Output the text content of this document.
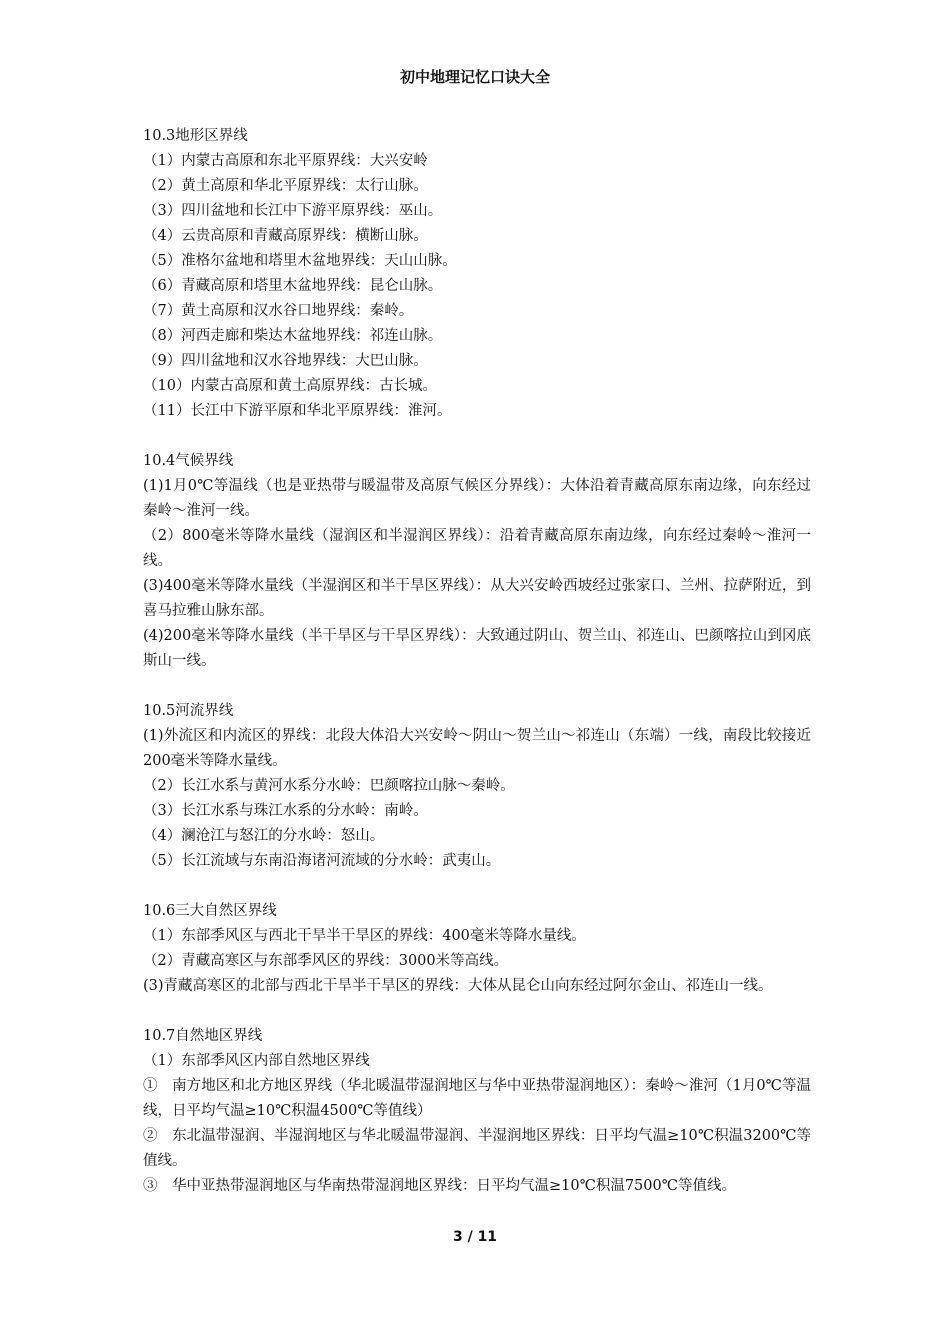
初中地理记忆口诀大全
10.3地形区界线
（1）内蒙古高原和东北平原界线：大兴安岭
（2）黄土高原和华北平原界线：太行山脉。
（3）四川盆地和长江中下游平原界线：巫山。
（4）云贵高原和青藏高原界线：横断山脉。
（5）准格尔盆地和塔里木盆地界线：天山山脉。
（6）青藏高原和塔里木盆地界线：昆仑山脉。
（7）黄土高原和汉水谷口地界线：秦岭。
（8）河西走廊和柴达木盆地界线：祁连山脉。
（9）四川盆地和汉水谷地界线：大巴山脉。
（10）内蒙古高原和黄土高原界线：古长城。
（11）长江中下游平原和华北平原界线：淮河。
10.4气候界线
(1)1月0℃等温线（也是亚热带与暖温带及高原气候区分界线）：大体沿着青藏高原东南边缘，向东经过秦岭～淮河一线。
（2）800毫米等降水量线（湿润区和半湿润区界线）：沿着青藏高原东南边缘，向东经过秦岭～淮河一线。
(3)400毫米等降水量线（半湿润区和半干旱区界线）：从大兴安岭西坡经过张家口、兰州、拉萨附近，到喜马拉雅山脉东部。
(4)200毫米等降水量线（半干旱区与干旱区界线）：大致通过阴山、贺兰山、祁连山、巴颜喀拉山到冈底斯山一线。
10.5河流界线
(1)外流区和内流区的界线：北段大体沿大兴安岭～阴山～贺兰山～祁连山（东端）一线，南段比较接近200毫米等降水量线。
（2）长江水系与黄河水系分水岭：巴颜喀拉山脉～秦岭。
（3）长江水系与珠江水系的分水岭：南岭。
（4）澜沧江与怒江的分水岭：怒山。
（5）长江流域与东南沿海诸河流域的分水岭：武夷山。
10.6三大自然区界线
（1）东部季风区与西北干旱半干旱区的界线：400毫米等降水量线。
（2）青藏高寒区与东部季风区的界线：3000米等高线。
(3)青藏高寒区的北部与西北干旱半干旱区的界线：大体从昆仑山向东经过阿尔金山、祁连山一线。
10.7自然地区界线
（1）东部季风区内部自然地区界线
①　南方地区和北方地区界线（华北暖温带湿润地区与华中亚热带湿润地区）：秦岭～淮河（1月0℃等温线，日平均气温≥10℃积温4500℃等值线）
②　东北温带湿润、半湿润地区与华北暖温带湿润、半湿润地区界线：日平均气温≥10℃积温3200℃等值线。
③　华中亚热带湿润地区与华南热带湿润地区界线：日平均气温≥10℃积温7500℃等值线。
3 / 11
